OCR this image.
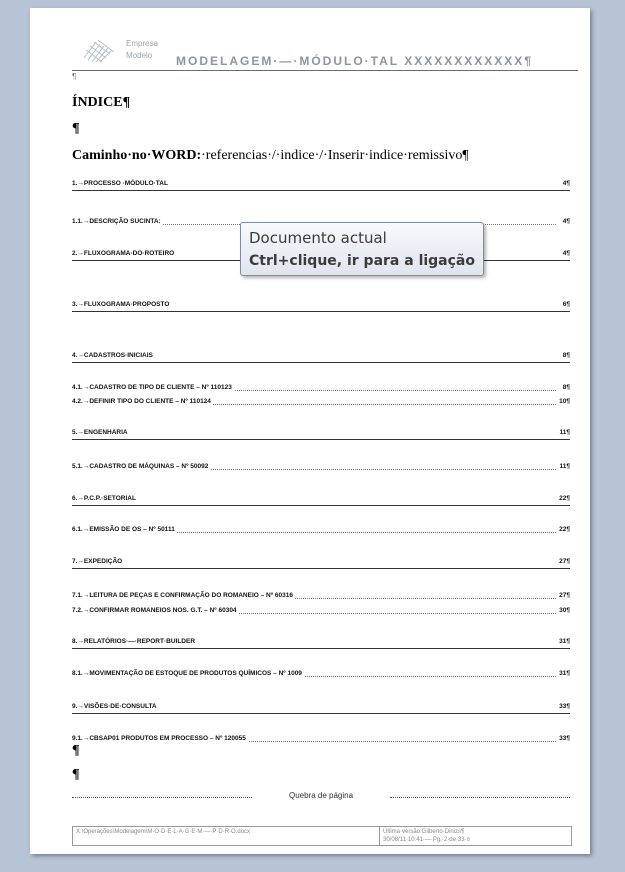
Empresa
Modelo	MODELAGEM·—·MÓDULO·TAL XXXXXXXXXXXX¶
¶
ÍNDICE¶
¶
Caminho·no·WORD:·referencias·/·indice·/·Inserir·indice·remissivo¶
1.→PROCESSO ·MÓDULO·TAL	4¶
1.1.→DESCRIÇÃO SUCINTA:	4¶
2.→FLUXOGRAMA·DO·ROTEIRO	4¶
3.→FLUXOGRAMA·PROPOSTO	6¶
4.→CADASTROS·INICIAIS	8¶
4.1.→CADASTRO DE TIPO DE CLIENTE – Nº 110123	8¶
4.2.→DEFINIR TIPO DO CLIENTE – Nº 110124	10¶
5.→ENGENHARIA	11¶
5.1.→CADASTRO DE MÁQUINAS – Nº 50092	11¶
6.→P.C.P.·SETORIAL	22¶
6.1.→EMISSÃO DE OS – Nº 50111	22¶
7.→EXPEDIÇÃO	27¶
7.1.→LEITURA DE PEÇAS E CONFIRMAÇÃO DO ROMANEIO – Nº 60316	27¶
7.2.→CONFIRMAR ROMANEIOS NOS. G.T. – Nº 60304	30¶
8.→RELATÓRIOS·—·REPORT·BUILDER	31¶
8.1.→MOVIMENTAÇÃO DE ESTOQUE DE PRODUTOS QUÍMICOS – Nº 1009	31¶
9.→VISÕES·DE·CONSULTA	33¶
9.1.→CBSAP01 PRODUTOS EM PROCESSO – Nº 120055	33¶
Documento actual
Ctrl+clique, ir para a ligação
¶
¶
Quebra de página
X:\Operações\Modelagem\M·O·D·E·L·A·G·E·M·—·P·D·R·O.docx	Última·versão:Gilberto·Dinizs¶
30/08/11·10:41·—·Pg.·2·de·33·¤
